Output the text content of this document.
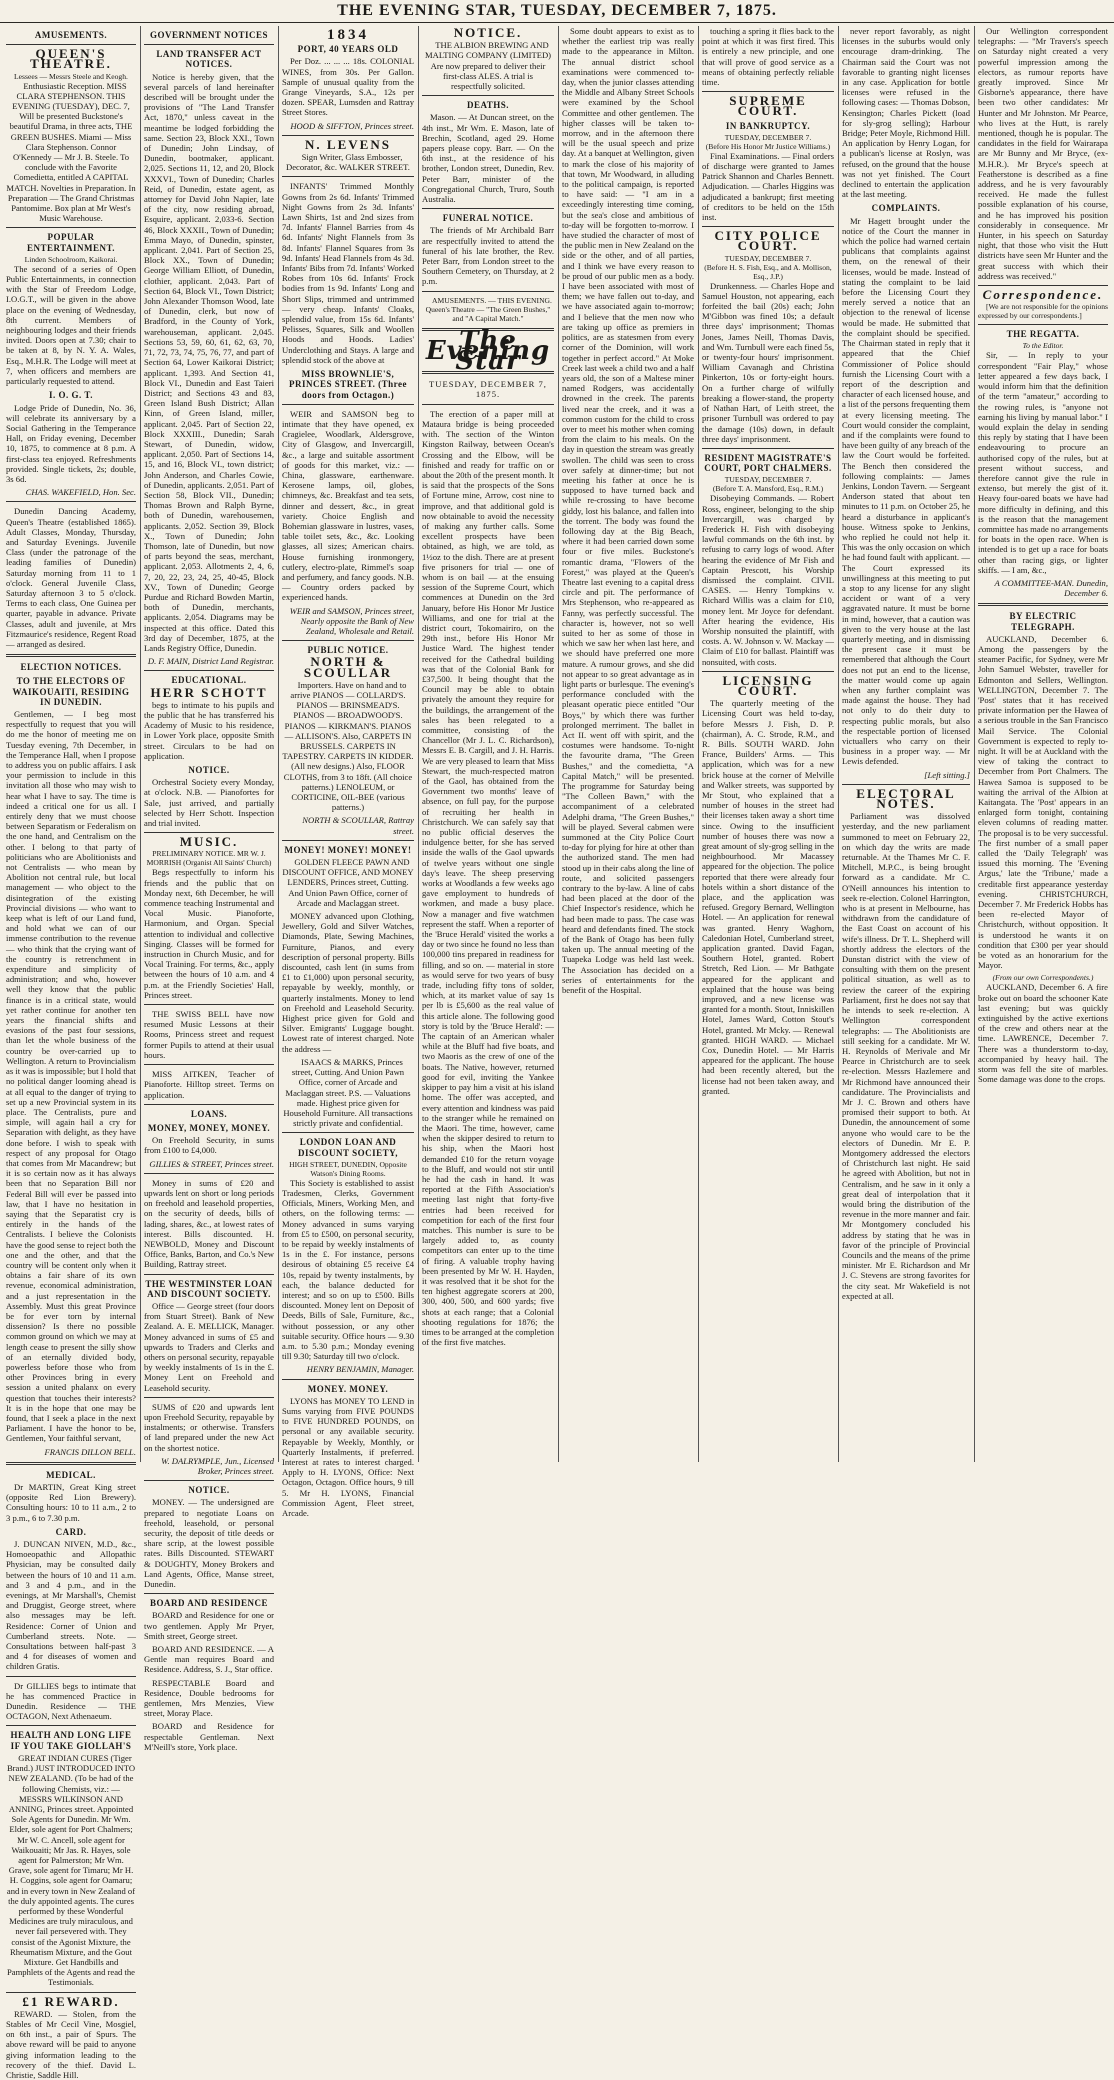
THE EVENING STAR, TUESDAY, DECEMBER 7, 1875.
AMUSEMENTS.
QUEEN'S THEATRE.
Lessees — Messrs Steele and Keogh.

Enthusiastic Reception. MISS CLARA STEPHENSON. THIS EVENING (TUESDAY), DEC. 7, Will be presented Buckstone's beautiful Drama, in three acts, THE GREEN BUSHES. Miami — Miss Clara Stephenson. Connor O'Kennedy — Mr J. B. Steele. To conclude with the Favorite Comedietta, entitled A CAPITAL MATCH. Novelties in Preparation. In Preparation — The Grand Christmas Pantomime. Box plan at Mr West's Music Warehouse.

POPULAR ENTERTAINMENT.
Linden Schoolroom, Kaikorai.

The second of a series of Open Public Entertainments, in connection with the Star of Freedom Lodge, I.O.G.T., will be given in the above place on the evening of Wednesday, 8th current. Members of neighbouring lodges and their friends invited. Doors open at 7.30; chair to be taken at 8, by N. Y. A. Wales, Esq., M.H.R. The Lodge will meet at 7, when officers and members are particularly requested to attend.

I. O. G. T.

Lodge Pride of Dunedin, No. 36, will celebrate its anniversary by a Social Gathering in the Temperance Hall, on Friday evening, December 10, 1875, to commence at 8 p.m. A first-class tea enjoyed. Refreshments provided. Single tickets, 2s; double, 3s 6d.

CHAS. WAKEFIELD, Hon. Sec.

Dunedin Dancing Academy, Queen's Theatre (established 1865). Adult Classes, Monday, Thursday, and Saturday Evenings. Juvenile Class (under the patronage of the leading families of Dunedin) Saturday morning from 11 to 1 o'clock. General Juvenile Class, Saturday afternoon 3 to 5 o'clock. Terms to each class, One Guinea per quarter, payable in advance. Private Classes, adult and juvenile, at Mrs Fitzmaurice's residence, Regent Road — arranged as desired.

ELECTION NOTICES.
TO THE ELECTORS OF WAIKOUAITI, RESIDING IN DUNEDIN.

Gentlemen, — I beg most respectfully to request that you will do me the honor of meeting me on Tuesday evening, 7th December, in the Temperance Hall, when I propose to address you on public affairs. I ask your permission to include in this invitation all those who may wish to hear what I have to say. The time is indeed a critical one for us all. I entirely deny that we must choose between Separatism or Federalism on the one hand, and Centralism on the other. I belong to that party of politicians who are Abolitionists and not Centralists — who mean by Abolition not central rule, but local management — who object to the disintegration of the existing Provincial divisions — who want to keep what is left of our Land fund, and hold what we can of our immense contribution to the revenue — who think that the crying want of the country is retrenchment in expenditure and simplicity of administration; and who, however well they know that the public finance is in a critical state, would yet rather continue for another ten years the financial shifts and evasions of the past four sessions, than let the whole business of the country be over-carried up to Wellington. A return to Provincialism as it was is impossible; but I hold that no political danger looming ahead is at all equal to the danger of trying to set up a new Provincial system in its place. The Centralists, pure and simple, will again hail a cry for Separation with delight, as they have done before. I wish to speak with respect of any proposal for Otago that comes from Mr Macandrew; but it is so certain now as it has always been that no Separation Bill nor Federal Bill will ever be passed into law, that I have no hesitation in saying that the Separatist cry is entirely in the hands of the Centralists. I believe the Colonists have the good sense to reject both the one and the other, and that the country will be content only when it obtains a fair share of its own revenue, economical administration, and a just representation in the Assembly. Must this great Province be for ever torn by internal dissension? Is there no possible common ground on which we may at length cease to present the silly show of an eternally divided body, powerless before those who from other Provinces bring in every session a united phalanx on every question that touches their interests? It is in the hope that one may be found, that I seek a place in the next Parliament. I have the honor to be, Gentlemen, Your faithful servant,

FRANCIS DILLON BELL.
MEDICAL.

Dr MARTIN, Great King street (opposite Red Lion Brewery). Consulting hours: 10 to 11 a.m., 2 to 3 p.m., 6 to 7.30 p.m.

CARD.

J. DUNCAN NIVEN, M.D., &c., Homoeopathic and Allopathic Physician, may be consulted daily between the hours of 10 and 11 a.m. and 3 and 4 p.m., and in the evenings, at Mr Marshall's, Chemist and Druggist, George street, where also messages may be left. Residence: Corner of Union and Cumberland streets. Note. — Consultations between half-past 3 and 4 for diseases of women and children Gratis.

Dr GILLIES begs to intimate that he has commenced Practice in Dunedin. Residence — THE OCTAGON, Next Athenaeum.

HEALTH AND LONG LIFE IF YOU TAKE GIOLLAH'S

GREAT INDIAN CURES (Tiger Brand.) JUST INTRODUCED INTO NEW ZEALAND. (To be had of the following Chemists, viz.: — MESSRS WILKINSON AND ANNING, Princes street. Appointed Sole Agents for Dunedin. Mr Wm. Elder, sole agent for Port Chalmers; Mr W. C. Ancell, sole agent for Waikouaiti; Mr Jas. R. Hayes, sole agent for Palmerston; Mr Wm. Grave, sole agent for Timaru; Mr H. H. Coggins, sole agent for Oamaru; and in every town in New Zealand of the duly appointed agents. The cures performed by these Wonderful Medicines are truly miraculous, and never fail persevered with. They consist of the Agonist Mixture, the Rheumatism Mixture, and the Gout Mixture. Get Handbills and Pamphlets of the Agents and read the Testimonials.

£1 REWARD.

REWARD. — Stolen, from the Stables of Mr Cecil Vine, Mosgiel, on 6th inst., a pair of Spurs. The above reward will be paid to anyone giving information leading to the recovery of the thief. David L. Christie, Saddle Hill.

GOVERNMENT NOTICES
LAND TRANSFER ACT NOTICES.

Notice is hereby given, that the several parcels of land hereinafter described will be brought under the provisions of "The Land Transfer Act, 1870," unless caveat in the meantime be lodged forbidding the same. Section 23, Block XXI., Town of Dunedin; John Lindsay, of Dunedin, bootmaker, applicant. 2,025. Sections 11, 12, and 20, Block XXXVI., Town of Dunedin; Charles Reid, of Dunedin, estate agent, as attorney for David John Napier, late of the city, now residing abroad, Esquire, applicant. 2,033-6. Section 46, Block XXXII., Town of Dunedin; Emma Mayo, of Dunedin, spinster, applicant. 2,041. Part of Section 25, Block XX., Town of Dunedin; George William Elliott, of Dunedin, clothier, applicant. 2,043. Part of Section 64, Block VI., Town District; John Alexander Thomson Wood, late of Dunedin, clerk, but now of Bradford, in the County of York, warehouseman, applicant. 2,045. Sections 53, 59, 60, 61, 62, 63, 70, 71, 72, 73, 74, 75, 76, 77, and part of Section 64, Lower Kaikorai District; applicant. 1,393. And Section 41, Block VI., Dunedin and East Taieri District; and Sections 43 and 83, Green Island Bush District; Allan Kinn, of Green Island, miller, applicant. 2,045. Part of Section 22, Block XXXIII., Dunedin; Sarah Stewart, of Dunedin, widow, applicant. 2,050. Part of Sections 14, 15, and 16, Block VI., town district; John Anderson, and Charles Cowie, of Dunedin, applicants. 2,051. Part of Section 58, Block VII., Dunedin; Thomas Brown and Ralph Byrne, both of Dunedin, warehousemen, applicants. 2,052. Section 39, Block X., Town of Dunedin; John Thomson, late of Dunedin, but now of parts beyond the seas, merchant, applicant. 2,053. Allotments 2, 4, 6, 7, 20, 22, 23, 24, 25, 40-45, Block XV., Town of Dunedin; George Purdue and Richard Bowden Martin, both of Dunedin, merchants, applicants. 2,054. Diagrams may be inspected at this office. Dated this 3rd day of December, 1875, at the Lands Registry Office, Dunedin.

D. F. MAIN, District Land Registrar.
EDUCATIONAL.
HERR SCHOTT

begs to intimate to his pupils and the public that he has transferred his Academy of Music to his residence, in Lower York place, opposite Smith street. Circulars to be had on application.

NOTICE.

Orchestral Society every Monday, at o'clock. N.B. — Pianofortes for Sale, just arrived, and partially selected by Herr Schott. Inspection and trial invited.

MUSIC.
PRELIMINARY NOTICE. MR W. J. MORRISH (Organist All Saints' Church)

Begs respectfully to inform his friends and the public that on Monday next, 6th December, he will commence teaching Instrumental and Vocal Music. Pianoforte, Harmonium, and Organ. Special attention to individual and collective Singing. Classes will be formed for instruction in Church Music, and for Vocal Training. For terms, &c., apply between the hours of 10 a.m. and 4 p.m. at the Friendly Societies' Hall, Princes street.

THE SWISS BELL have now resumed Music Lessons at their Rooms, Princess street and request former Pupils to attend at their usual hours.

MISS AITKEN, Teacher of Pianoforte. Hilltop street. Terms on application.

LOANS.
MONEY, MONEY, MONEY.

On Freehold Security, in sums from £100 to £4,000.

GILLIES & STREET, Princes street.

Money in sums of £20 and upwards lent on short or long periods on freehold and leasehold properties, on the security of deeds, bills of lading, shares, &c., at lowest rates of interest. Bills discounted. H. NEWBOLD, Money and Discount Office, Banks, Barton, and Co.'s New Building, Rattray street.

THE WESTMINSTER LOAN AND DISCOUNT SOCIETY.

Office — George street (four doors from Stuart Street). Bank of New Zealand. A. E. MELLICK, Manager. Money advanced in sums of £5 and upwards to Traders and Clerks and others on personal security, repayable by weekly instalments of 1s in the £. Money Lent on Freehold and Leasehold security.

SUMS of £20 and upwards lent upon Freehold Security, repayable by instalments; or otherwise. Transfers of land prepared under the new Act on the shortest notice.

W. DALRYMPLE, Jun., Licensed Broker, Princes street.
NOTICE.

MONEY. — The undersigned are prepared to negotiate Loans on freehold, leasehold, or personal security, the deposit of title deeds or share scrip, at the lowest possible rates. Bills Discounted. STEWART & DOUGHTY, Money Brokers and Land Agents, Office, Manse street, Dunedin.

BOARD AND RESIDENCE

BOARD and Residence for one or two gentlemen. Apply Mr Pryer, Smith street, George street.

BOARD AND RESIDENCE. — A Gentle man requires Board and Residence. Address, S. J., Star office.

RESPECTABLE Board and Residence, Double bedrooms for gentlemen, Mrs Menzies, View street, Moray Place.

BOARD and Residence for respectable Gentleman. Next M'Neill's store, York place.

1834
PORT, 40 YEARS OLD

Per Doz. ... ... ... 18s. COLONIAL WINES, from 30s. Per Gallon. Sample of unusual quality from the Grange Vineyards, S.A., 12s per dozen. SPEAR, Lumsden and Rattray Street Stores.

HOOD & SIFFTON, Princes street.
N. LEVENS

Sign Writer, Glass Embosser, Decorator, &c. WALKER STREET.

INFANTS' Trimmed Monthly Gowns from 2s 6d. Infants' Trimmed Night Gowns from 2s 3d. Infants' Lawn Shirts, 1st and 2nd sizes from 7d. Infants' Flannel Barries from 4s 6d. Infants' Night Flannels from 3s 8d. Infants' Flannel Squares from 3s 9d. Infants' Head Flannels from 4s 3d. Infants' Bibs from 7d. Infants' Worked Robes from 10s 6d. Infants' Frock bodies from 1s 9d. Infants' Long and Short Slips, trimmed and untrimmed — very cheap. Infants' Cloaks, splendid value, from 15s 6d. Infants' Pelisses, Squares, Silk and Woollen Hoods and Hoods. Ladies' Underclothing and Stays. A large and splendid stock of the above at

MISS BROWNLIE'S, PRINCES STREET. (Three doors from Octagon.)

WEIR and SAMSON beg to intimate that they have opened, ex Cragielee, Woodlark, Aldersgrove, City of Glasgow, and Invercargill, &c., a large and suitable assortment of goods for this market, viz.: — China, glassware, earthenware. Kerosene lamps, oil, globes, chimneys, &c. Breakfast and tea sets, dinner and dessert, &c., in great variety. Choice English and Bohemian glassware in lustres, vases, table toilet sets, &c., &c. Looking glasses, all sizes; American chairs. House furnishing ironmongery, cutlery, electro-plate, Rimmel's soap and perfumery, and fancy goods. N.B. — Country orders packed by experienced hands.

WEIR and SAMSON, Princes street, Nearly opposite the Bank of New Zealand, Wholesale and Retail.
PUBLIC NOTICE.
NORTH & SCOULLAR

Importers. Have on hand and to arrive PIANOS — COLLARD'S. PIANOS — BRINSMEAD'S. PIANOS — BROADWOOD'S. PIANOS — KIRKMAN'S. PIANOS — ALLISON'S. Also, CARPETS IN BRUSSELS. CARPETS IN TAPESTRY. CARPETS IN KIDDER. (All new designs.) Also, FLOOR CLOTHS, from 3 to 18ft. (All choice patterns.) LENOLEUM, or CORTICINE, OIL-BEE (various patterns.)

NORTH & SCOULLAR, Rattray street.
MONEY! MONEY! MONEY!

GOLDEN FLEECE PAWN AND DISCOUNT OFFICE, AND MONEY LENDERS, Princes street, Cutting. And Union Pawn Office, corner of Arcade and Maclaggan street.

MONEY advanced upon Clothing, Jewellery, Gold and Silver Watches, Diamonds, Plate, Sewing Machines, Furniture, Pianos, and every description of personal property. Bills discounted, cash lent (in sums from £1 to £1,000) upon personal security, repayable by weekly, monthly, or quarterly instalments. Money to lend on Freehold and Leasehold Security. Highest price given for Gold and Silver. Emigrants' Luggage bought. Lowest rate of interest charged. Note the address —

ISAACS & MARKS, Princes street, Cutting. And Union Pawn Office, corner of Arcade and Maclaggan street. P.S. — Valuations made. Highest price given for Household Furniture. All transactions strictly private and confidential.

LONDON LOAN AND DISCOUNT SOCIETY,
HIGH STREET, DUNEDIN, Opposite Watson's Dining Rooms.

This Society is established to assist Tradesmen, Clerks, Government Officials, Miners, Working Men, and others, on the following terms: — Money advanced in sums varying from £5 to £500, on personal security, to be repaid by weekly instalments of 1s in the £. For instance, persons desirous of obtaining £5 receive £4 10s, repaid by twenty instalments, by each, the balance deducted for interest; and so on up to £500. Bills discounted. Money lent on Deposit of Deeds, Bills of Sale, Furniture, &c., without possession, or any other suitable security. Office hours — 9.30 a.m. to 5.30 p.m.; Monday evening till 9.30; Saturday till two o'clock.

HENRY BENJAMIN, Manager.
MONEY. MONEY.

LYONS has MONEY TO LEND in Sums varying from FIVE POUNDS to FIVE HUNDRED POUNDS, on personal or any available security. Repayable by Weekly, Monthly, or Quarterly Instalments, if preferred. Interest at rates to interest charged. Apply to H. LYONS, Office: Next Octagon, Octagon. Office hours, 9 till 5. Mr H. LYONS, Financial Commission Agent, Fleet street, Arcade.

NOTICE.

THE ALBION BREWING AND MALTING COMPANY (LIMITED) Are now prepared to deliver their first-class ALES. A trial is respectfully solicited.

DEATHS.

Mason. — At Duncan street, on the 4th inst., Mr Wm. E. Mason, late of Brechin, Scotland, aged 29. Home papers please copy. Barr. — On the 6th inst., at the residence of his brother, London street, Dunedin, Rev. Peter Barr, minister of the Congregational Church, Truro, South Australia.

FUNERAL NOTICE.

The friends of Mr Archibald Barr are respectfully invited to attend the funeral of his late brother, the Rev. Peter Barr, from London street to the Southern Cemetery, on Thursday, at 2 p.m.

AMUSEMENTS. — THIS EVENING. Queen's Theatre — "The Green Bushes," and "A Capital Match."

The Evening Star
TUESDAY, DECEMBER 7, 1875.

The erection of a paper mill at Mataura bridge is being proceeded with. The section of the Winton Kingston Railway, between Ocean's Crossing and the Elbow, will be finished and ready for traffic on or about the 20th of the present month. It is said that the prospects of the Sons of Fortune mine, Arrow, cost nine to improve, and that additional gold is now obtainable to avoid the necessity of making any further calls. Some excellent prospects have been obtained, as high, we are told, as 1½oz to the dish. There are at present five prisoners for trial — one of whom is on bail — at the ensuing session of the Supreme Court, which commences at Dunedin on the 3rd January, before His Honor Mr Justice Williams, and one for trial at the district court, Tokomairiro, on the 29th inst., before His Honor Mr Justice Ward. The highest tender received for the Cathedral building was that of the Colonial Bank for £37,500. It being thought that the Council may be able to obtain privately the amount they require for the buildings, the arrangement of the sales has been relegated to a committee, consisting of the Chancellor (Mr J. L. C. Richardson), Messrs E. B. Cargill, and J. H. Harris. We are very pleased to learn that Miss Stewart, the much-respected matron of the Gaol, has obtained from the Government two months' leave of absence, on full pay, for the purpose of recruiting her health in Christchurch. We can safely say that no public official deserves the indulgence better, for she has served inside the walls of the Gaol upwards of twelve years without one single day's leave. The sheep preserving works at Woodlands a few weeks ago gave employment to hundreds of workmen, and made a busy place. Now a manager and five watchmen represent the staff. When a reporter of the 'Bruce Herald' visited the works a day or two since he found no less than 100,000 tins prepared in readiness for filling, and so on. — material in store as would serve for two years of busy trade, including fifty tons of solder, which, at its market value of say 1s per lb is £5,600 as the real value of this article alone. The following good story is told by the 'Bruce Herald': — The captain of an American whaler while at the Bluff had five boats, and two Maoris as the crew of one of the boats. The Native, however, returned good for evil, inviting the Yankee skipper to pay him a visit at his island home. The offer was accepted, and every attention and kindness was paid to the stranger while he remained on the Maori. The time, however, came when the skipper desired to return to his ship, when the Maori host demanded £10 for the return voyage to the Bluff, and would not stir until he had the cash in hand. It was reported at the Fifth Association's meeting last night that forty-five entries had been received for competition for each of the first four matches. This number is sure to be largely added to, as county competitors can enter up to the time of firing. A valuable trophy having been presented by Mr W. H. Hayden, it was resolved that it be shot for the ten highest aggregate scorers at 200, 300, 400, 500, and 600 yards; five shots at each range; that a Colonial shooting regulations for 1876; the times to be arranged at the completion of the first five matches.

Some doubt appears to exist as to whether the earliest trip was really made to the appearance in Milton. The annual district school examinations were commenced to-day, when the junior classes attending the Middle and Albany Street Schools were examined by the School Committee and other gentlemen. The higher classes will be taken to-morrow, and in the afternoon there will be the usual speech and prize day. At a banquet at Wellington, given to mark the close of his majority of that town, Mr Woodward, in alluding to the political campaign, is reported to have said: — "I am in a exceedingly interesting time coming, but the sea's close and ambitious of to-day will be forgotten to-morrow. I have studied the character of most of the public men in New Zealand on the side or the other, and of all parties, and I think we have every reason to be proud of our public men as a body. I have been associated with most of them; we have fallen out to-day, and we have associated again to-morrow; and I believe that the men now who are taking up office as premiers in politics, are as statesmen from every corner of the Dominion, will work together in perfect accord." At Moke Creek last week a child two and a half years old, the son of a Maltese miner named Rodgers, was accidentally drowned in the creek. The parents lived near the creek, and it was a common custom for the child to cross over to meet his mother when coming from the claim to his meals. On the day in question the stream was greatly swollen. The child was seen to cross over safely at dinner-time; but not meeting his father at once he is supposed to have turned back and while re-crossing to have become giddy, lost his balance, and fallen into the torrent. The body was found the following day at the Big Beach, where it had been carried down some four or five miles. Buckstone's romantic drama, "Flowers of the Forest," was played at the Queen's Theatre last evening to a capital dress circle and pit. The performance of Mrs Stephenson, who re-appeared as Fanny, was perfectly successful. The character is, however, not so well suited to her as some of those in which we saw her when last here, and we should have preferred one more mature. A rumour grows, and she did not appear to so great advantage as in light parts or burlesque. The evening's performance concluded with the pleasant operatic piece entitled "Our Boys," by which there was further prolonged merriment. The ballet in Act II. went off with spirit, and the costumes were handsome. To-night the favourite drama, "The Green Bushes," and the comedietta, "A Capital Match," will be presented. The programme for Saturday being "The Colleen Bawn," with the accompaniment of a celebrated Adelphi drama, "The Green Bushes," will be played. Several cabmen were summoned at the City Police Court to-day for plying for hire at other than the authorized stand. The men had stood up in their cabs along the line of route, and solicited passengers contrary to the by-law. A line of cabs had been placed at the door of the Chief Inspector's residence, which he had been made to pass. The case was heard and defendants fined. The stock of the Bank of Otago has been fully taken up. The annual meeting of the Tuapeka Lodge was held last week. The Association has decided on a series of entertainments for the benefit of the Hospital.

touching a spring it flies back to the point at which it was first fired. This is entirely a new principle, and one that will prove of good service as a means of obtaining perfectly reliable time.

SUPREME COURT.
IN BANKRUPTCY.
TUESDAY, DECEMBER 7.
(Before His Honor Mr Justice Williams.)

Final Examinations. — Final orders of discharge were granted to James Patrick Shannon and Charles Bennett. Adjudication. — Charles Higgins was adjudicated a bankrupt; first meeting of creditors to be held on the 15th inst.

CITY POLICE COURT.
TUESDAY, DECEMBER 7.
(Before H. S. Fish, Esq., and A. Mollison, Esq., J.P.)

Drunkenness. — Charles Hope and Samuel Houston, not appearing, each forfeited the bail (20s) each; John M'Gibbon was fined 10s; a default three days' imprisonment; Thomas Jones, James Neill, Thomas Davis, and Wm. Turnbull were each fined 5s, or twenty-four hours' imprisonment. William Cavanagh and Christina Pinkerton, 10s or forty-eight hours. On a further charge of wilfully breaking a flower-stand, the property of Nathan Hart, of Leith street, the prisoner Turnbull was ordered to pay the damage (10s) down, in default three days' imprisonment.

RESIDENT MAGISTRATE'S COURT, PORT CHALMERS.
TUESDAY, DECEMBER 7.
(Before T. A. Mansford, Esq., R.M.)

Disobeying Commands. — Robert Ross, engineer, belonging to the ship Invercargill, was charged by Frederick H. Fish with disobeying lawful commands on the 6th inst. by refusing to carry logs of wood. After hearing the evidence of Mr Fish and Captain Prescott, his Worship dismissed the complaint. CIVIL CASES. — Henry Tompkins v. Richard Willis was a claim for £10, money lent. Mr Joyce for defendant. After hearing the evidence, His Worship nonsuited the plaintiff, with costs. A. W. Johnson v. W. Mackay — Claim of £10 for ballast. Plaintiff was nonsuited, with costs.

LICENSING COURT.

The quarterly meeting of the Licensing Court was held to-day, before Messrs J. Fish, D. P. (chairman), A. C. Strode, R.M., and R. Bills. SOUTH WARD. John France, Builders' Arms. — This application, which was for a new brick house at the corner of Melville and Walker streets, was supported by Mr Stout, who explained that a number of houses in the street had their licenses taken away a short time since. Owing to the insufficient number of houses there was now a great amount of sly-grog selling in the neighbourhood. Mr Macassey appeared for the objection. The police reported that there were already four hotels within a short distance of the place, and the application was refused. Gregory Bernard, Wellington Hotel. — An application for renewal was granted. Henry Waghorn, Caledonian Hotel, Cumberland street, application granted. David Fagan, Southern Hotel, granted. Robert Stretch, Red Lion. — Mr Bathgate appeared for the applicant and explained that the house was being improved, and a new license was granted for a month. Stout, Inniskillen Hotel, James Ward, Cotton Stout's Hotel, granted. Mr Mcky. — Renewal granted. HIGH WARD. — Michael Cox, Dunedin Hotel. — Mr Harris appeared for the applicant. The house had been recently altered, but the license had not been taken away, and granted.

never report favorably, as night licenses in the suburbs would only encourage dram-drinking. The Chairman said the Court was not favorable to granting night licenses in any case. Application for bottle licenses were refused in the following cases: — Thomas Dobson, Kensington; Charles Pickett (load for sly-grog selling); Harbour Bridge; Peter Moyle, Richmond Hill. An application by Henry Logan, for a publican's license at Roslyn, was refused, on the ground that the house was not yet finished. The Court declined to entertain the application at the last meeting.

COMPLAINTS.

Mr Hagett brought under the notice of the Court the manner in which the police had warned certain publicans that complaints against them, on the renewal of their licenses, would be made. Instead of stating the complaint to be laid before the Licensing Court they merely served a notice that an objection to the renewal of license would be made. He submitted that the complaint should be specified. The Chairman stated in reply that it appeared that the Chief Commissioner of Police should furnish the Licensing Court with a report of the description and character of each licensed house, and a list of the persons frequenting them at every licensing meeting. The Court would consider the complaint, and if the complaints were found to have been guilty of any breach of the law the Court would be forfeited. The Bench then considered the following complaints: — James Jenkins, London Tavern. — Sergeant Anderson stated that about ten minutes to 11 p.m. on October 25, he heard a disturbance in applicant's house. Witness spoke to Jenkins, who replied he could not help it. This was the only occasion on which he had found fault with applicant. — The Court expressed its unwillingness at this meeting to put a stop to any license for any slight accident or want of a very aggravated nature. It must be borne in mind, however, that a caution was given to the very house at the last quarterly meeting, and in dismissing the present case it must be remembered that although the Court does not put an end to the license, the matter would come up again when any further complaint was made against the house. They had not only to do their duty to respecting public morals, but also the respectable portion of licensed victuallers who carry on their business in a proper way. — Mr Lewis defended.

[Left sitting.]
ELECTORAL NOTES.

Parliament was dissolved yesterday, and the new parliament summoned to meet on February 22, on which day the writs are made returnable. At the Thames Mr C. F. Mitchell, M.P.C., is being brought forward as a candidate. Mr C. O'Neill announces his intention to seek re-election. Colonel Harrington, who is at present in Melbourne, has withdrawn from the candidature of the East Coast on account of his wife's illness. Dr T. L. Shepherd will shortly address the electors of the Dunstan district with the view of consulting with them on the present political situation, as well as to review the career of the expiring Parliament, first he does not say that he intends to seek re-election. A Wellington correspondent telegraphs: — The Abolitionists are still seeking for a candidate. Mr W. H. Reynolds of Merivale and Mr Pearce in Christchurch are to seek re-election. Messrs Hazlemere and Mr Richmond have announced their candidature. The Provincialists and Mr J. C. Brown and others have promised their support to both. At Dunedin, the announcement of some anyone who would care to be the electors of Dunedin. Mr E. P. Montgomery addressed the electors of Christchurch last night. He said he agreed with Abolition, but not in Centralism, and he saw in it only a great deal of interpolation that it would bring the distribution of the revenue in the more manner and fair. Mr Montgomery concluded his address by stating that he was in favor of the principle of Provincial Councils and the means of the prime minister. Mr E. Richardson and Mr J. C. Stevens are strong favorites for the city seat. Mr Wakefield is not expected at all.

Our Wellington correspondent telegraphs: — "Mr Travers's speech on Saturday night created a very powerful impression among the electors, as rumour reports have greatly improved. Since Mr Gisborne's appearance, there have been two other candidates: Mr Hunter and Mr Johnston. Mr Pearce, who lives at the Hutt, is rarely mentioned, though he is popular. The candidates in the field for Wairarapa are Mr Bunny and Mr Bryce, (ex-M.H.R.). Mr Bryce's speech at Featherstone is described as a fine address, and he is very favourably received. He made the fullest possible explanation of his course, and he has improved his position considerably in consequence. Mr Hunter, in his speech on Saturday night, that those who visit the Hutt districts have seen Mr Hunter and the great success with which their address was received."

Correspondence.

[We are not responsible for the opinions expressed by our correspondents.]

THE REGATTA.
To the Editor.

Sir, — In reply to your correspondent "Fair Play," whose letter appeared a few days back, I would inform him that the definition of the term "amateur," according to the rowing rules, is "anyone not earning his living by manual labor." I would explain the delay in sending this reply by stating that I have been endeavouring to procure an authorised copy of the rules, but at present without success, and therefore cannot give the rule in extenso, but merely the gist of it. Heavy four-oared boats we have had more difficulty in defining, and this is the reason that the management committee has made no arrangements for boats in the open race. When is intended is to get up a race for boats other than racing gigs, or lighter skiffs. — I am, &c.,

A COMMITTEE-MAN. Dunedin, December 6.
BY ELECTRIC TELEGRAPH.

AUCKLAND, December 6. Among the passengers by the steamer Pacific, for Sydney, were Mr John Samuel Webster, traveller for Edmonton and Sellers, Wellington. WELLINGTON, December 7. The 'Post' states that it has received private information per the Hawea of a serious trouble in the San Francisco Mail Service. The Colonial Government is expected to reply to-night. It will be at Auckland with the view of taking the contract to December from Port Chalmers. The Hawea Samoa is supposed to be waiting the arrival of the Albion at Kaitangata. The 'Post' appears in an enlarged form tonight, containing eleven columns of reading matter. The proposal is to be very successful. The first number of a small paper called the 'Daily Telegraph' was issued this morning. The 'Evening Argus,' late the 'Tribune,' made a creditable first appearance yesterday evening. CHRISTCHURCH, December 7. Mr Frederick Hobbs has been re-elected Mayor of Christchurch, without opposition. It is understood he wants it on condition that £300 per year should be voted as an honorarium for the Mayor.

(From our own Correspondents.)

AUCKLAND, December 6. A fire broke out on board the schooner Kate last evening; but was quickly extinguished by the active exertions of the crew and others near at the time. LAWRENCE, December 7. There was a thunderstorm to-day, accompanied by heavy hail. The storm was fell the site of marbles. Some damage was done to the crops.
